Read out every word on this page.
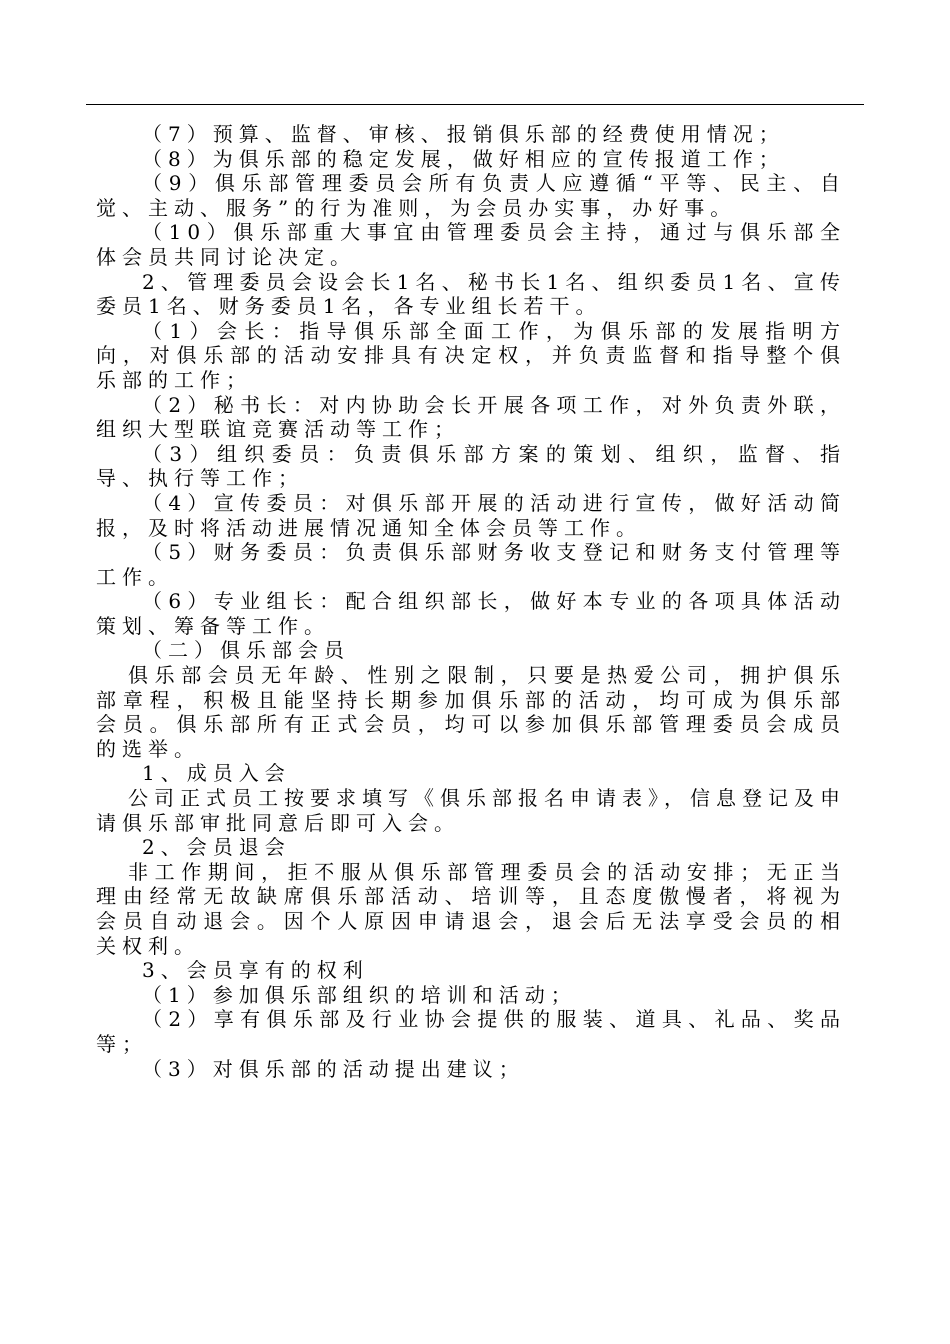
（7）预算、监督、审核、报销俱乐部的经费使用情况；

（8）为俱乐部的稳定发展，做好相应的宣传报道工作；

（9）俱乐部管理委员会所有负责人应遵循“平等、民主、自觉、主动、服务”的行为准则，为会员办实事，办好事。

（10）俱乐部重大事宜由管理委员会主持，通过与俱乐部全体会员共同讨论决定。

2、管理委员会设会长1名、秘书长1名、组织委员1名、宣传委员1名、财务委员1名，各专业组长若干。

（1）会长：指导俱乐部全面工作，为俱乐部的发展指明方向，对俱乐部的活动安排具有决定权，并负责监督和指导整个俱乐部的工作；

（2）秘书长：对内协助会长开展各项工作，对外负责外联，组织大型联谊竞赛活动等工作；

（3）组织委员：负责俱乐部方案的策划、组织，监督、指导、执行等工作；

（4）宣传委员：对俱乐部开展的活动进行宣传，做好活动简报，及时将活动进展情况通知全体会员等工作。

（5）财务委员：负责俱乐部财务收支登记和财务支付管理等工作。

（6）专业组长：配合组织部长，做好本专业的各项具体活动策划、筹备等工作。

（二）俱乐部会员

俱乐部会员无年龄、性别之限制，只要是热爱公司，拥护俱乐部章程，积极且能坚持长期参加俱乐部的活动，均可成为俱乐部会员。俱乐部所有正式会员，均可以参加俱乐部管理委员会成员的选举。

1、成员入会

公司正式员工按要求填写《俱乐部报名申请表》，信息登记及申请俱乐部审批同意后即可入会。

2、会员退会

非工作期间，拒不服从俱乐部管理委员会的活动安排；无正当理由经常无故缺席俱乐部活动、培训等，且态度傲慢者，将视为会员自动退会。因个人原因申请退会，退会后无法享受会员的相关权利。

3、会员享有的权利

（1）参加俱乐部组织的培训和活动；

（2）享有俱乐部及行业协会提供的服装、道具、礼品、奖品等；

（3）对俱乐部的活动提出建议；
